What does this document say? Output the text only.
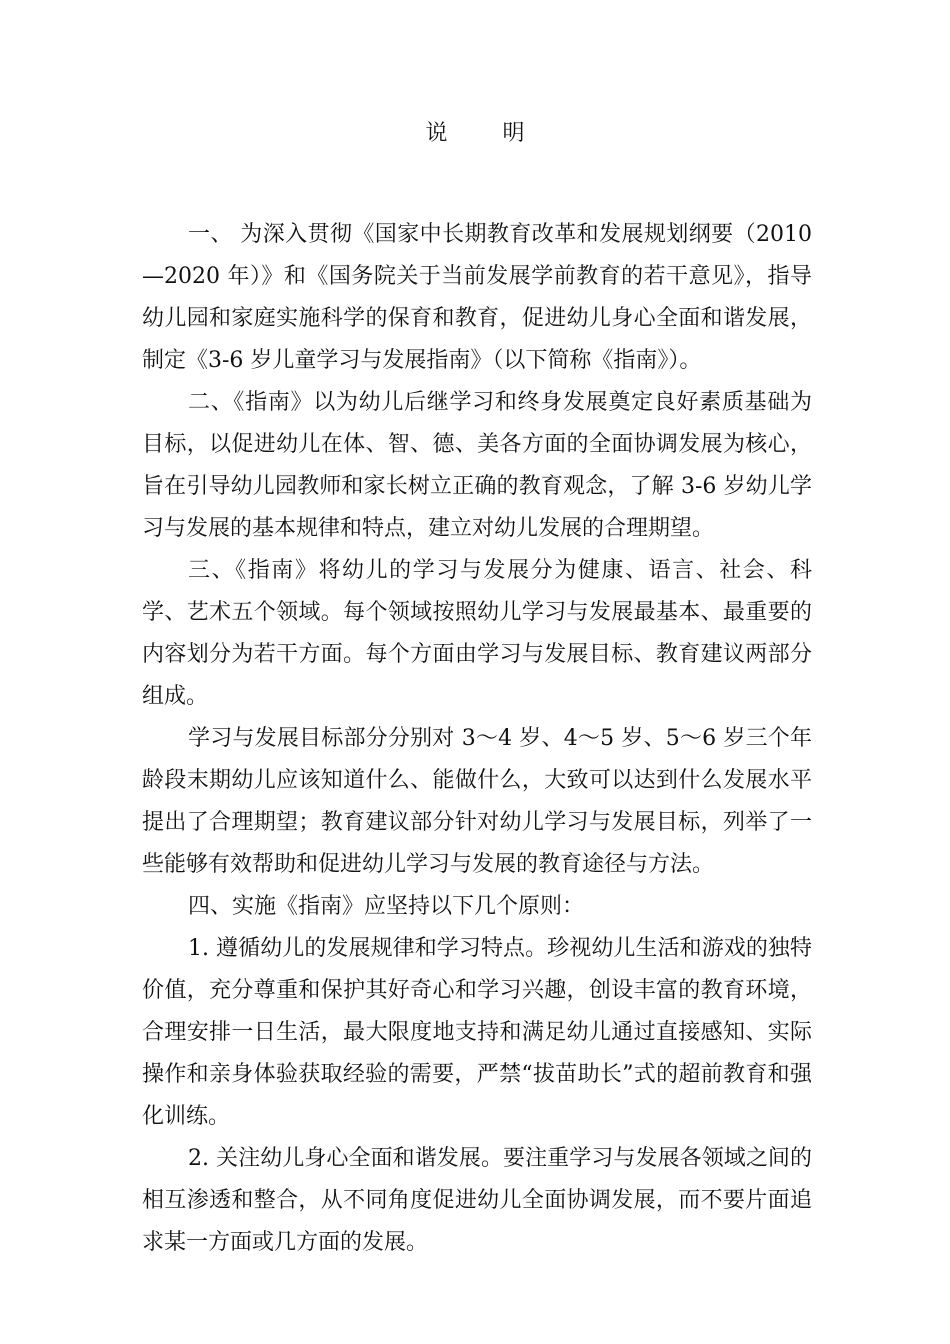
说 明

一、 为深入贯彻《国家中长期教育改革和发展规划纲要（2010—2020 年）》和《国务院关于当前发展学前教育的若干意见》，指导幼儿园和家庭实施科学的保育和教育，促进幼儿身心全面和谐发展，制定《3-6 岁儿童学习与发展指南》（以下简称《指南》）。

二、《指南》以为幼儿后继学习和终身发展奠定良好素质基础为目标，以促进幼儿在体、智、德、美各方面的全面协调发展为核心，旨在引导幼儿园教师和家长树立正确的教育观念，了解 3-6 岁幼儿学习与发展的基本规律和特点，建立对幼儿发展的合理期望。

三、《指南》将幼儿的学习与发展分为健康、语言、社会、科学、艺术五个领域。每个领域按照幼儿学习与发展最基本、最重要的内容划分为若干方面。每个方面由学习与发展目标、教育建议两部分组成。

学习与发展目标部分分别对 3～4 岁、4～5 岁、5～6 岁三个年龄段末期幼儿应该知道什么、能做什么，大致可以达到什么发展水平提出了合理期望；教育建议部分针对幼儿学习与发展目标，列举了一些能够有效帮助和促进幼儿学习与发展的教育途径与方法。

四、实施《指南》应坚持以下几个原则：

1. 遵循幼儿的发展规律和学习特点。珍视幼儿生活和游戏的独特价值，充分尊重和保护其好奇心和学习兴趣，创设丰富的教育环境，合理安排一日生活，最大限度地支持和满足幼儿通过直接感知、实际操作和亲身体验获取经验的需要，严禁“拔苗助长”式的超前教育和强化训练。

2. 关注幼儿身心全面和谐发展。要注重学习与发展各领域之间的相互渗透和整合，从不同角度促进幼儿全面协调发展，而不要片面追求某一方面或几方面的发展。
